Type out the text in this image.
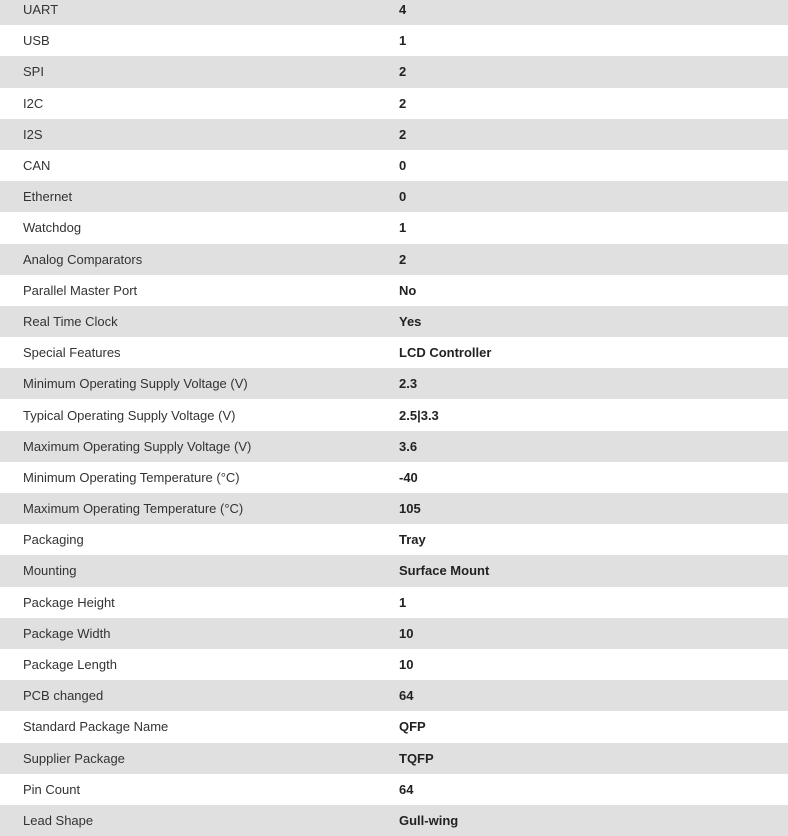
UART	4
USB	1
SPI	2
I2C	2
I2S	2
CAN	0
Ethernet	0
Watchdog	1
Analog Comparators	2
Parallel Master Port	No
Real Time Clock	Yes
Special Features	LCD Controller
Minimum Operating Supply Voltage (V)	2.3
Typical Operating Supply Voltage (V)	2.5|3.3
Maximum Operating Supply Voltage (V)	3.6
Minimum Operating Temperature (°C)	-40
Maximum Operating Temperature (°C)	105
Packaging	Tray
Mounting	Surface Mount
Package Height	1
Package Width	10
Package Length	10
PCB changed	64
Standard Package Name	QFP
Supplier Package	TQFP
Pin Count	64
Lead Shape	Gull-wing
